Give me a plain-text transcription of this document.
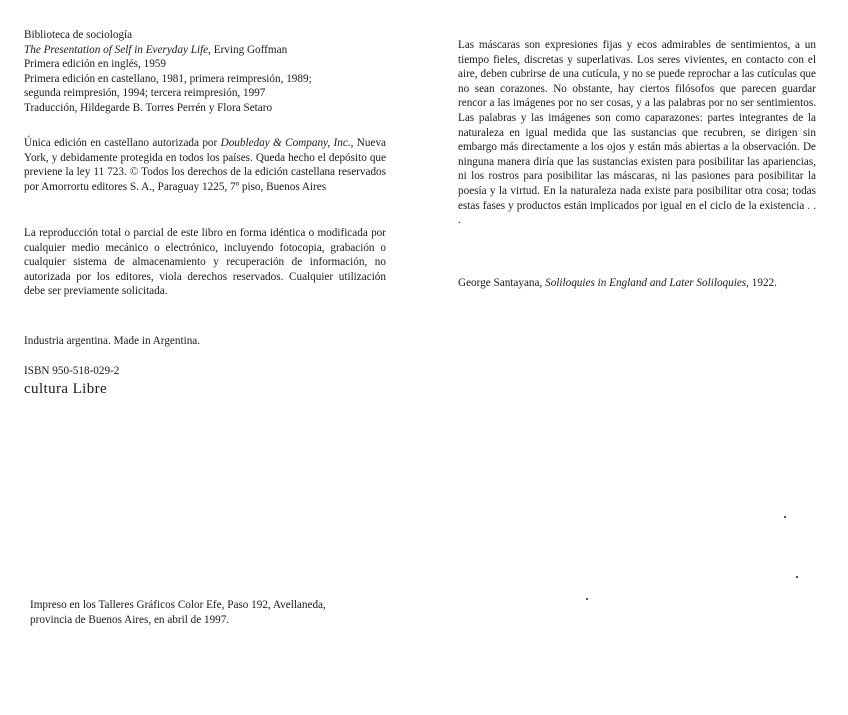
Biblioteca de sociología

The Presentation of Self in Everyday Life, Erving Goffman

Primera edición en inglés, 1959

Primera edición en castellano, 1981, primera reimpresión, 1989;

segunda reimpresión, 1994; tercera reimpresión, 1997

Traducción, Hildegarde B. Torres Perrén y Flora Setaro

Única edición en castellano autorizada por Doubleday & Company, Inc., Nueva York, y debidamente protegida en todos los países. Queda hecho el depósito que previene la ley 11 723. © Todos los derechos de la edición castellana reservados por Amorrortu editores S. A., Paraguay 1225, 7º piso, Buenos Aires

La reproducción total o parcial de este libro en forma idéntica o modificada por cualquier medio mecánico o electrónico, incluyendo fotocopia, grabación o cualquier sistema de almacenamiento y recuperación de información, no autorizada por los editores, viola derechos reservados. Cualquier utilización debe ser previamente solicitada.

Industria argentina. Made in Argentina.

ISBN 950-518-029-2

cultura Libre

Impreso en los Talleres Gráficos Color Efe, Paso 192, Avellaneda,

provincia de Buenos Aires, en abril de 1997.

Las máscaras son expresiones fijas y ecos admirables de sentimientos, a un tiempo fieles, discretas y superlativas. Los seres vivientes, en contacto con el aire, deben cubrirse de una cutícula, y no se puede reprochar a las cutículas que no sean corazones. No obstante, hay ciertos filósofos que parecen guardar rencor a las imágenes por no ser cosas, y a las palabras por no ser sentimientos. Las palabras y las imágenes son como caparazones: partes integrantes de la naturaleza en igual medida que las sustancias que recubren, se dirigen sin embargo más directamente a los ojos y están más abiertas a la observación. De ninguna manera diría que las sustancias existen para posibilitar las apariencias, ni los rostros para posibilitar las máscaras, ni las pasiones para posibilitar la poesía y la virtud. En la naturaleza nada existe para posibilitar otra cosa; todas estas fases y productos están implicados por igual en el ciclo de la existencia . . .

George Santayana, Soliloquies in England and Later Soliloquies, 1922.
